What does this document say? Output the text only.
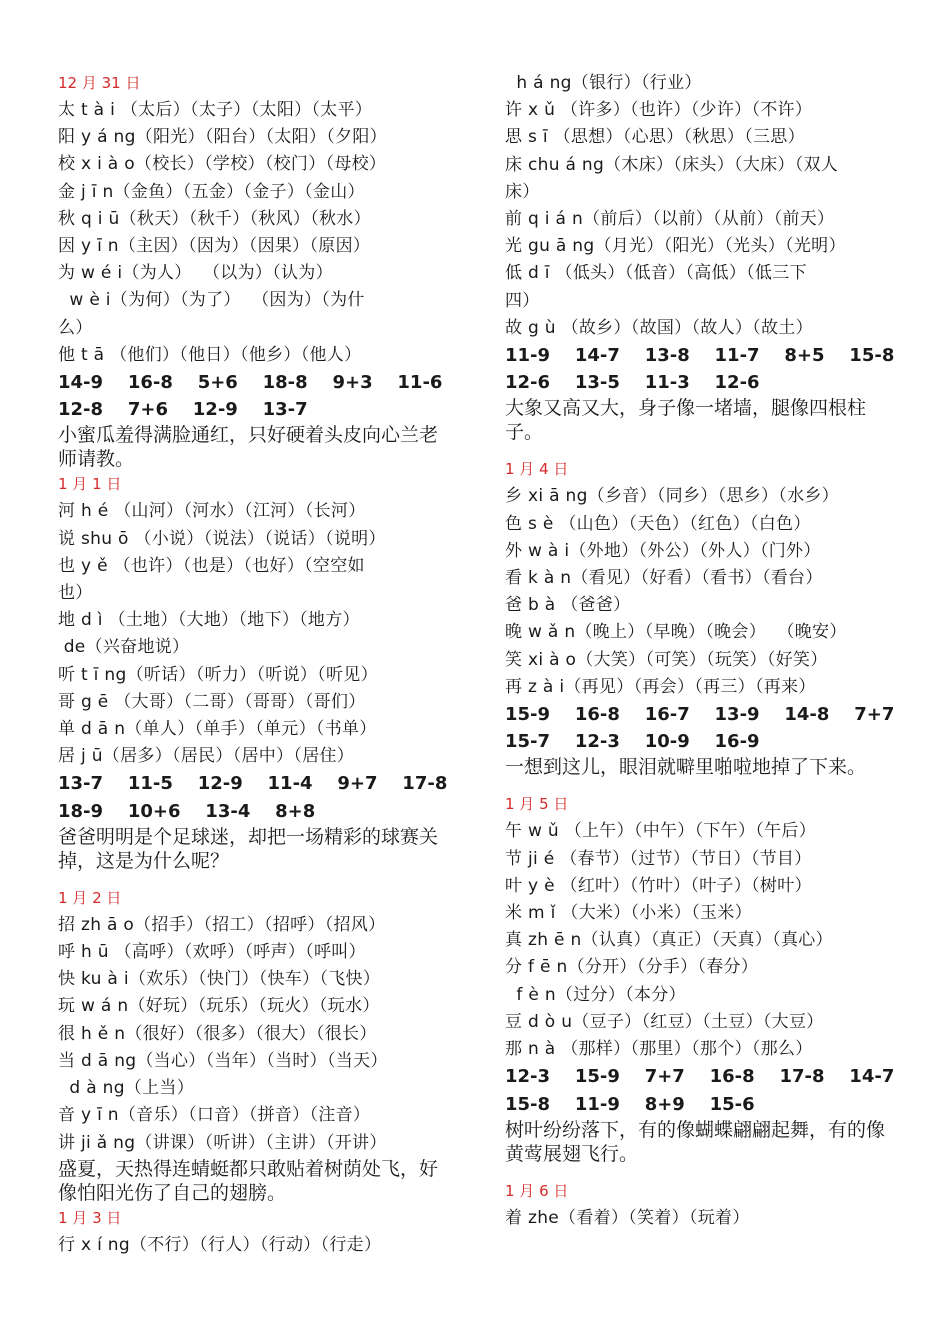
12 月 31 日
太 t à i （太后）（太子）（太阳）（太平）
阳 y á ng（阳光）（阳台）（太阳）（夕阳）
校 x i à o（校长）（学校）（校门）（母校）
金 j ī n（金鱼）（五金）（金子）（金山）
秋 q i ū（秋天）（秋千）（秋风）（秋水）
因 y ī n（主因）（因为）（因果）（原因）
为 w é i（为人）  （以为）（认为）
w è i（为何）（为了）  （因为）（为什
么）
他 t ā （他们）（他日）（他乡）（他人）
14-9   16-8   5+6   18-8   9+3   11-6
12-8   7+6   12-9   13-7
小蜜瓜羞得满脸通红，只好硬着头皮向心兰老师请教。
1 月 1 日
河 h é （山河）（河水）（江河）（长河）
说 shu ō （小说）（说法）（说话）（说明）
也 y ě （也许）（也是）（也好）（空空如
也）
地 d ì （土地）（大地）（地下）（地方）
de（兴奋地说）
听 t ī ng（听话）（听力）（听说）（听见）
哥 g ē （大哥）（二哥）（哥哥）（哥们）
单 d ā n（单人）（单手）（单元）（书单）
居 j ū（居多）（居民）（居中）（居住）
13-7   11-5   12-9   11-4   9+7   17-8
18-9   10+6   13-4   8+8
爸爸明明是个足球迷，却把一场精彩的球赛关掉，这是为什么呢？
1 月 2 日
招 zh ā o（招手）（招工）（招呼）（招风）
呼 h ū （高呼）（欢呼）（呼声）（呼叫）
快 ku à i（欢乐）（快门）（快车）（飞快）
玩 w á n（好玩）（玩乐）（玩火）（玩水）
很 h ě n（很好）（很多）（很大）（很长）
当 d ā ng（当心）（当年）（当时）（当天）
d à ng（上当）
音 y ī n（音乐）（口音）（拼音）（注音）
讲 ji ǎ ng（讲课）（听讲）（主讲）（开讲）
盛夏，天热得连蜻蜓都只敢贴着树荫处飞，好像怕阳光伤了自己的翅膀。
1 月 3 日
行 x í ng（不行）（行人）（行动）（行走）
h á ng（银行）（行业）
许 x ǔ （许多）（也许）（少许）（不许）
思 s ī （思想）（心思）（秋思）（三思）
床 chu á ng（木床）（床头）（大床）（双人
床）
前 q i á n（前后）（以前）（从前）（前天）
光 gu ā ng（月光）（阳光）（光头）（光明）
低 d ī （低头）（低音）（高低）（低三下
四）
故 g ù （故乡）（故国）（故人）（故土）
11-9   14-7   13-8   11-7   8+5   15-8
12-6   13-5   11-3   12-6
大象又高又大，身子像一堵墙，腿像四根柱子。
1 月 4 日
乡 xi ā ng（乡音）（同乡）（思乡）（水乡）
色 s è （山色）（天色）（红色）（白色）
外 w à i（外地）（外公）（外人）（门外）
看 k à n（看见）（好看）（看书）（看台）
爸 b à （爸爸）
晚 w ǎ n（晚上）（早晚）（晚会）  （晚安）
笑 xi à o（大笑）（可笑）（玩笑）（好笑）
再 z à i（再见）（再会）（再三）（再来）
15-9   16-8   16-7   13-9   14-8   7+7
15-7   12-3   10-9   16-9
一想到这儿，眼泪就噼里啪啦地掉了下来。
1 月 5 日
午 w ǔ （上午）（中午）（下午）（午后）
节 ji é （春节）（过节）（节日）（节目）
叶 y è （红叶）（竹叶）（叶子）（树叶）
米 m ǐ （大米）（小米）（玉米）
真 zh ē n（认真）（真正）（天真）（真心）
分 f ē n（分开）（分手）（春分）
f è n（过分）（本分）
豆 d ò u（豆子）（红豆）（土豆）（大豆）
那 n à （那样）（那里）（那个）（那么）
12-3   15-9   7+7   16-8   17-8   14-7
15-8   11-9   8+9   15-6
树叶纷纷落下，有的像蝴蝶翩翩起舞，有的像黄莺展翅飞行。
1 月 6 日
着 zhe（看着）（笑着）（玩着）
